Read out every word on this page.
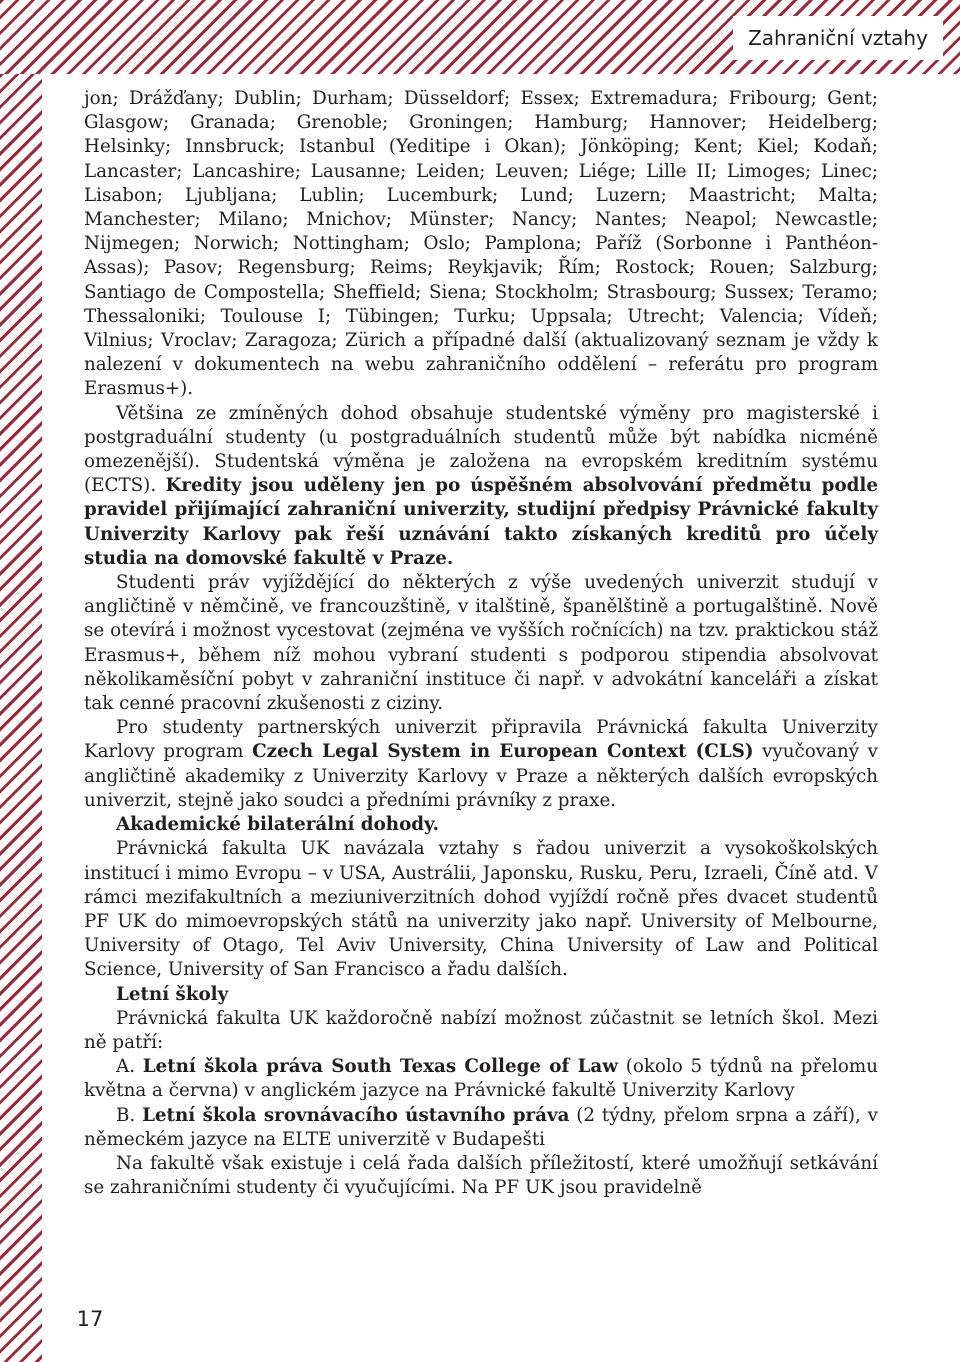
Zahraniční vztahy

jon; Drážďany; Dublin; Durham; Düsseldorf; Essex; Extremadura; Fribourg; Gent; Glasgow; Granada; Grenoble; Groningen; Hamburg; Hannover; Heidelberg; Helsinky; Innsbruck; Istanbul (Yeditipe i Okan); Jönköping; Kent; Kiel; Kodaň; Lancaster; Lancashire; Lausanne; Leiden; Leuven; Liége; Lille II; Limoges; Linec; Lisabon; Ljubljana; Lublin; Lucemburk; Lund; Luzern; Maastricht; Malta; Manchester; Milano; Mnichov; Münster; Nancy; Nantes; Neapol; Newcastle; Nijmegen; Norwich; Nottingham; Oslo; Pamplona; Paříž (Sorbonne i Panthéon-Assas); Pasov; Regensburg; Reims; Reykjavik; Řím; Rostock; Rouen; Salzburg; Santiago de Compostella; Sheffield; Siena; Stockholm; Strasbourg; Sussex; Teramo; Thessaloniki; Toulouse I; Tübingen; Turku; Uppsala; Utrecht; Valencia; Vídeň; Vilnius; Vroclav; Zaragoza; Zürich a případné další (aktualizovaný seznam je vždy k nalezení v dokumentech na webu zahraničního oddělení – referátu pro program Erasmus+).

Většina ze zmíněných dohod obsahuje studentské výměny pro magisterské i postgraduální studenty (u postgraduálních studentů může být nabídka nicméně omezenější). Studentská výměna je založena na evropském kreditním systému (ECTS). Kredity jsou uděleny jen po úspěšném absolvování předmětu podle pravidel přijímající zahraniční univerzity, studijní předpisy Právnické fakulty Univerzity Karlovy pak řeší uznávání takto získaných kreditů pro účely studia na domovské fakultě v Praze.

Studenti práv vyjíždějící do některých z výše uvedených univerzit studují v angličtině v němčině, ve francouzštině, v italštině, španělštině a portugalštině. Nově se otevírá i možnost vycestovat (zejména ve vyšších ročnících) na tzv. praktickou stáž Erasmus+, během níž mohou vybraní studenti s podporou stipendia absolvovat několikaměsíční pobyt v zahraniční instituce či např. v advokátní kanceláři a získat tak cenné pracovní zkušenosti z ciziny.

Pro studenty partnerských univerzit připravila Právnická fakulta Univerzity Karlovy program Czech Legal System in European Context (CLS) vyučovaný v angličtině akademiky z Univerzity Karlovy v Praze a některých dalších evropských univerzit, stejně jako soudci a předními právníky z praxe.

Akademické bilaterální dohody.

Právnická fakulta UK navázala vztahy s řadou univerzit a vysokoškolských institucí i mimo Evropu – v USA, Austrálii, Japonsku, Rusku, Peru, Izraeli, Číně atd. V rámci mezifakultních a meziuniverzitních dohod vyjíždí ročně přes dvacet studentů PF UK do mimoevropských států na univerzity jako např. University of Melbourne, University of Otago, Tel Aviv University, China University of Law and Political Science, University of San Francisco a řadu dalších.

Letní školy

Právnická fakulta UK každoročně nabízí možnost zúčastnit se letních škol. Mezi ně patří:

A. Letní škola práva South Texas College of Law (okolo 5 týdnů na přelomu května a června) v anglickém jazyce na Právnické fakultě Univerzity Karlovy

B. Letní škola srovnávacího ústavního práva (2 týdny, přelom srpna a září), v německém jazyce na ELTE univerzitě v Budapešti

Na fakultě však existuje i celá řada dalších příležitostí, které umožňují setkávání se zahraničními studenty či vyučujícími. Na PF UK jsou pravidelně

17
